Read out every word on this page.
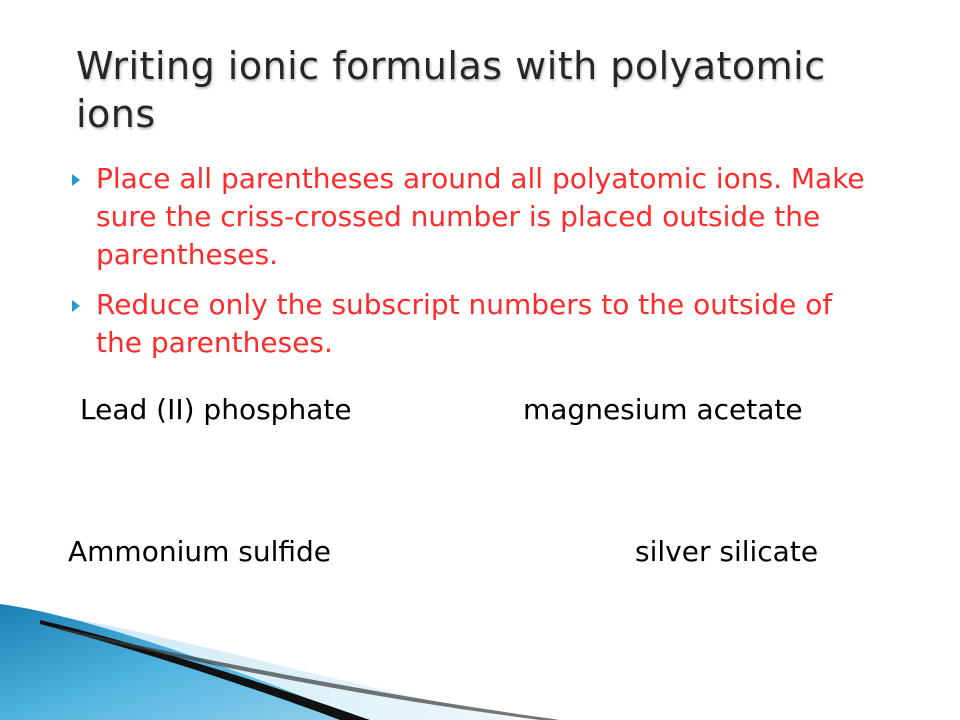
Writing ionic formulas with polyatomic ions
Place all parentheses around all polyatomic ions. Make sure the criss-crossed number is placed outside the parentheses.
Reduce only the subscript numbers to the outside of the parentheses.
Lead (II) phosphate	magnesium acetate
Ammonium sulfide	silver silicate
